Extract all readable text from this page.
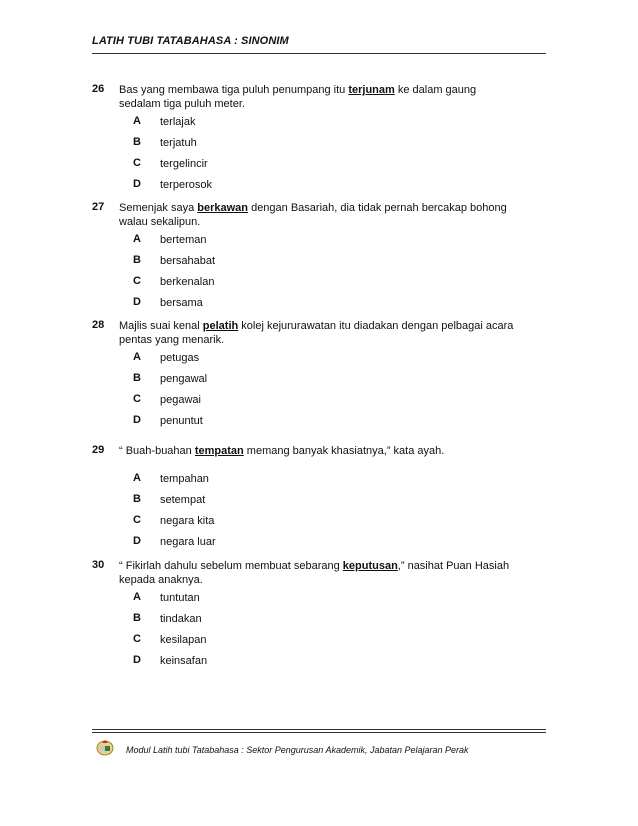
LATIH TUBI TATABAHASA : SINONIM
26 Bas yang membawa tiga puluh penumpang itu terjunam ke dalam gaung sedalam tiga puluh meter.
A terlajak
B terjatuh
C tergelincir
D terperosok
27 Semenjak saya berkawan dengan Basariah, dia tidak pernah bercakap bohong walau sekalipun.
A berteman
B bersahabat
C berkenalan
D bersama
28 Majlis suai kenal pelatih kolej kejururawatan itu diadakan dengan pelbagai acara pentas yang menarik.
A petugas
B pengawal
C pegawai
D penuntut
29 “ Buah-buahan tempatan memang banyak khasiatnya,” kata ayah.
A tempahan
B setempat
C negara kita
D negara luar
30 “ Fikirlah dahulu sebelum membuat sebarang keputusan,” nasihat Puan Hasiah kepada anaknya.
A tuntutan
B tindakan
C kesilapan
D keinsafan
Modul Latih tubi Tatabahasa : Sektor Pengurusan Akademik, Jabatan Pelajaran Perak
